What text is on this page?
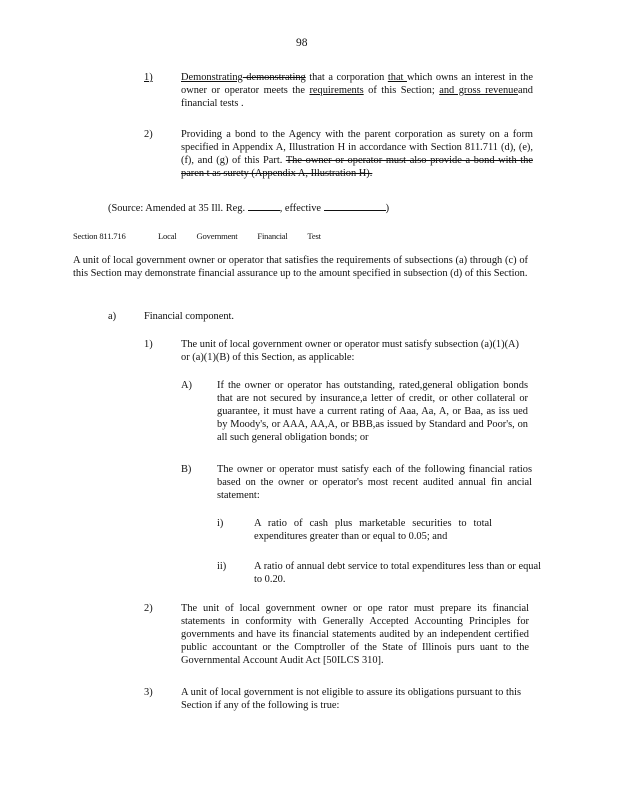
98
1)	Demonstrating demonstrating that a corporation that which owns an interest in the owner or operator meets the requirements of this Section; and gross revenueand financial tests .
2)	Providing a bond to the Agency with the parent corporation as surety on a form specified in Appendix A, Illustration H in accordance with Section 811.711 (d), (e), (f), and (g) of this Part. The owner or operator must also provide a bond with the paren t as surety (Appendix A, Illustration H).
(Source: Amended at 35 Ill. Reg.	, effective	)
Section 811.716	Local Government Financial Test
A unit of local government owner or operator that satisfies the requirements of subsections (a) through (c) of this Section may demonstrate financial assurance up to the amount specified in subsection (d) of this Section.
a)	Financial component.
1)	The unit of local government owner or operator must satisfy subsection (a)(1)(A) or (a)(1)(B) of this Section, as applicable:
A)	If the owner or operator has outstanding, rated,general obligation bonds that are not secured by insurance,a letter of credit, or other collateral or guarantee, it must have a current rating of Aaa, Aa, A, or Baa, as iss ued by Moody's, or AAA, AA,A, or BBB,as issued by Standard and Poor's, on all such general obligation bonds; or
B)	The owner or operator must satisfy each of the following financial ratios based on the owner or operator's most recent audited annual fin ancial statement:
i)	A ratio of cash plus marketable securities to total expenditures greater than or equal to 0.05; and
ii)	A ratio of annual debt service to total expenditures less than or equal to 0.20.
2)	The unit of local government owner or ope rator must prepare its financial statements in conformity with Generally Accepted Accounting Principles for governments and have its financial statements audited by an independent certified public accountant or the Comptroller of the State of Illinois purs uant to the Governmental Account Audit Act [50ILCS 310].
3)	A unit of local government is not eligible to assure its obligations pursuant to this Section if any of the following is true:
